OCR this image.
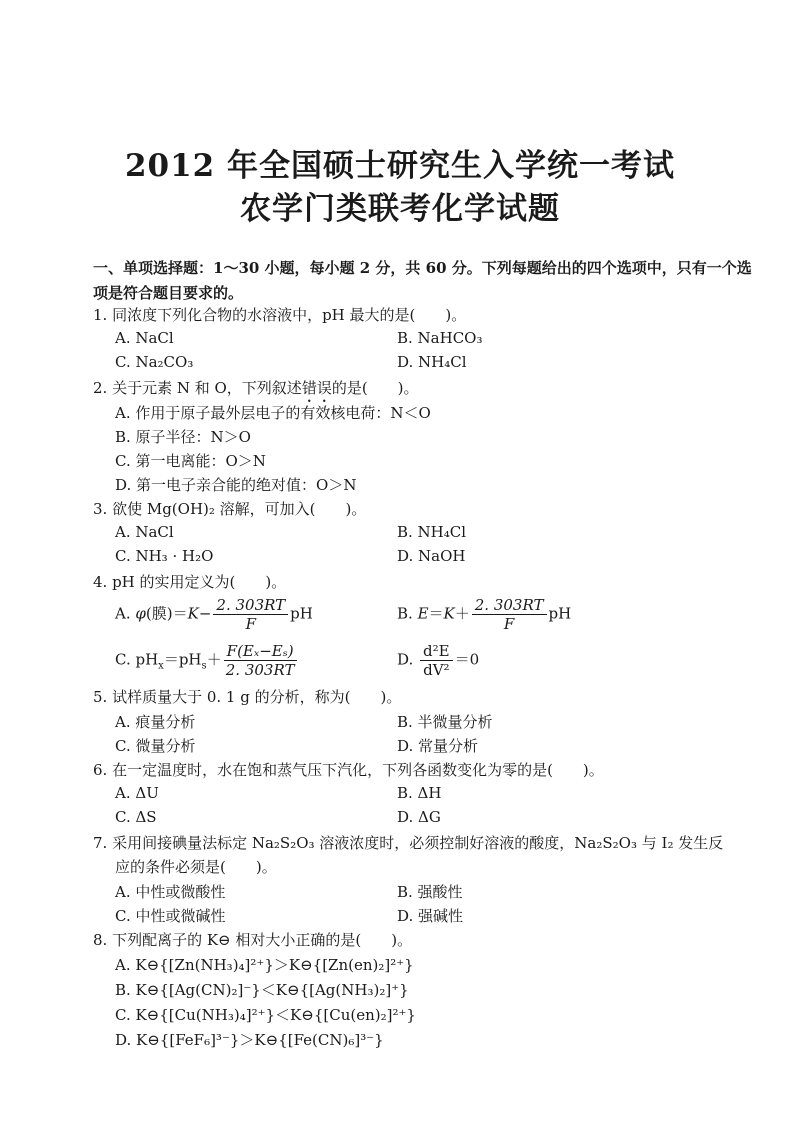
2012 年全国硕士研究生入学统一考试
农学门类联考化学试题
一、单项选择题：1～30 小题，每小题 2 分，共 60 分。下列每题给出的四个选项中，只有一个选项是符合题目要求的。
1. 同浓度下列化合物的水溶液中，pH 最大的是(　　)。
A. NaCl	B. NaHCO₃
C. Na₂CO₃	D. NH₄Cl
2. 关于元素 N 和 O，下列叙述错误的是(　　)。
A. 作用于原子最外层电子的有效核电荷：N＜O
B. 原子半径：N＞O
C. 第一电离能：O＞N
D. 第一电子亲合能的绝对值：O＞N
3. 欲使 Mg(OH)₂ 溶解，可加入(　　)。
A. NaCl	B. NH₄Cl
C. NH₃ · H₂O	D. NaOH
4. pH 的实用定义为(　　)。
A. φ(膜)$=K- \frac{2. 303RT}{F}$ pH	B. $E=K+ \frac{2. 303RT}{F}$ pH
C. $pH_x=pH_s+ \frac{\text{F(Eₓ−Eₛ)}}{2. 303RT}$	D. $\frac{\text{d²E}}{\text{dV²}} =0$
5. 试样质量大于 0. 1 g 的分析，称为(　　)。
A. 痕量分析	B. 半微量分析
C. 微量分析	D. 常量分析
6. 在一定温度时，水在饱和蒸气压下汽化，下列各函数变化为零的是(　　)。
A. ΔU	B. ΔH
C. ΔS	D. ΔG
7. 采用间接碘量法标定 Na₂S₂O₃ 溶液浓度时，必须控制好溶液的酸度，Na₂S₂O₃ 与 I₂ 发生反
应的条件必须是(　　)。
A. 中性或微酸性	B. 强酸性
C. 中性或微碱性	D. 强碱性
8. 下列配离子的 K⊖ 相对大小正确的是(　　)。
A. K⊖{[Zn(NH₃)₄]²⁺}＞K⊖{[Zn(en)₂]²⁺}
B. K⊖{[Ag(CN)₂]⁻}＜K⊖{[Ag(NH₃)₂]⁺}
C. K⊖{[Cu(NH₃)₄]²⁺}＜K⊖{[Cu(en)₂]²⁺}
D. K⊖{[FeF₆]³⁻}＞K⊖{[Fe(CN)₆]³⁻}
